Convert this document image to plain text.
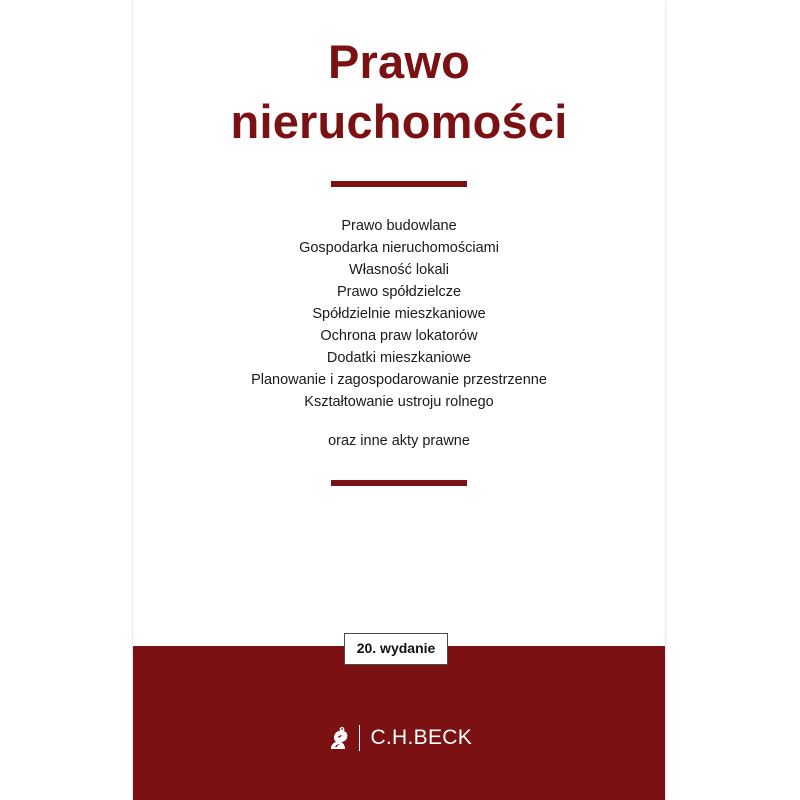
Prawo
nieruchomości
Prawo budowlane
Gospodarka nieruchomościami
Własność lokali
Prawo spółdzielcze
Spółdzielnie mieszkaniowe
Ochrona praw lokatorów
Dodatki mieszkaniowe
Planowanie i zagospodarowanie przestrzenne
Kształtowanie ustroju rolnego
oraz inne akty prawne
20. wydanie
C.H.BECK
